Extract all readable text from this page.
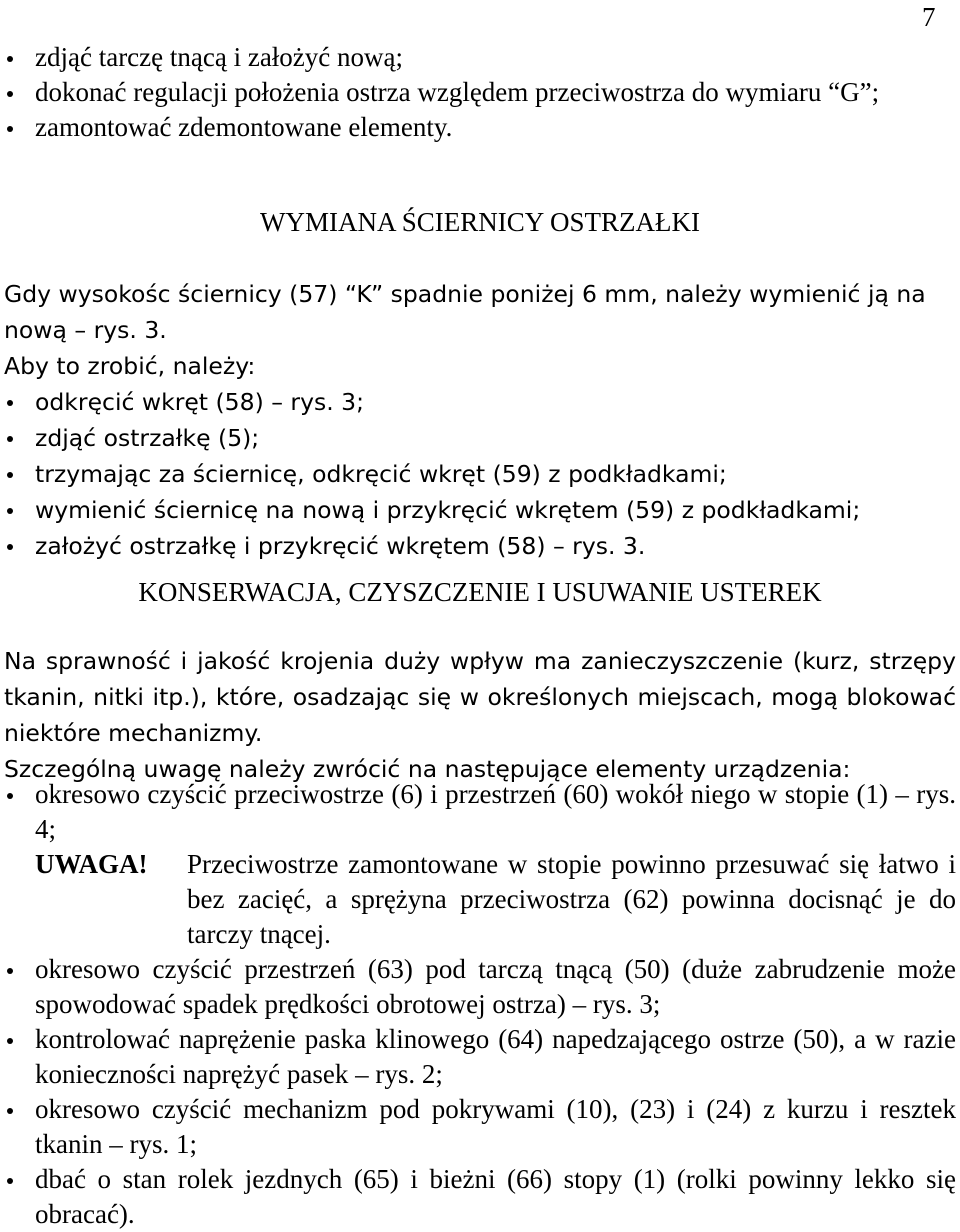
7
zdjąć tarczę tnącą i założyć nową;
dokonać regulacji położenia ostrza względem przeciwostrza do wymiaru “G”;
zamontować zdemontowane elementy.
WYMIANA ŚCIERNICY OSTRZAŁKI

Gdy wysokośc ściernicy (57) “K” spadnie poniżej 6 mm, należy wymienić ją na nową – rys. 3.

Aby to zrobić, należy:

odkręcić wkręt (58) – rys. 3;
zdjąć ostrzałkę (5);
trzymając za ściernicę, odkręcić wkręt (59) z podkładkami;
wymienić ściernicę na nową i przykręcić wkrętem (59) z podkładkami;
założyć ostrzałkę i przykręcić wkrętem (58) – rys. 3.
KONSERWACJA, CZYSZCZENIE I USUWANIE USTEREK

Na sprawność i jakość krojenia duży wpływ ma zanieczyszczenie (kurz, strzępy tkanin, nitki itp.), które, osadzając się w określonych miejscach, mogą blokować niektóre mechanizmy.

Szczególną uwagę należy zwrócić na następujące elementy urządzenia:

okresowo czyścić przeciwostrze (6) i przestrzeń (60) wokół niego w stopie (1) – rys. 4;
UWAGA! Przeciwostrze zamontowane w stopie powinno przesuwać się łatwo i bez zacięć, a sprężyna przeciwostrza (62) powinna docisnąć je do tarczy tnącej.
okresowo czyścić przestrzeń (63) pod tarczą tnącą (50) (duże zabrudzenie może spowodować spadek prędkości obrotowej ostrza) – rys. 3;
kontrolować naprężenie paska klinowego (64) napedzającego ostrze (50), a w razie konieczności naprężyć pasek – rys. 2;
okresowo czyścić mechanizm pod pokrywami (10), (23) i (24) z kurzu i resztek tkanin – rys. 1;
dbać o stan rolek jezdnych (65) i bieżni (66) stopy (1) (rolki powinny lekko się obracać).
